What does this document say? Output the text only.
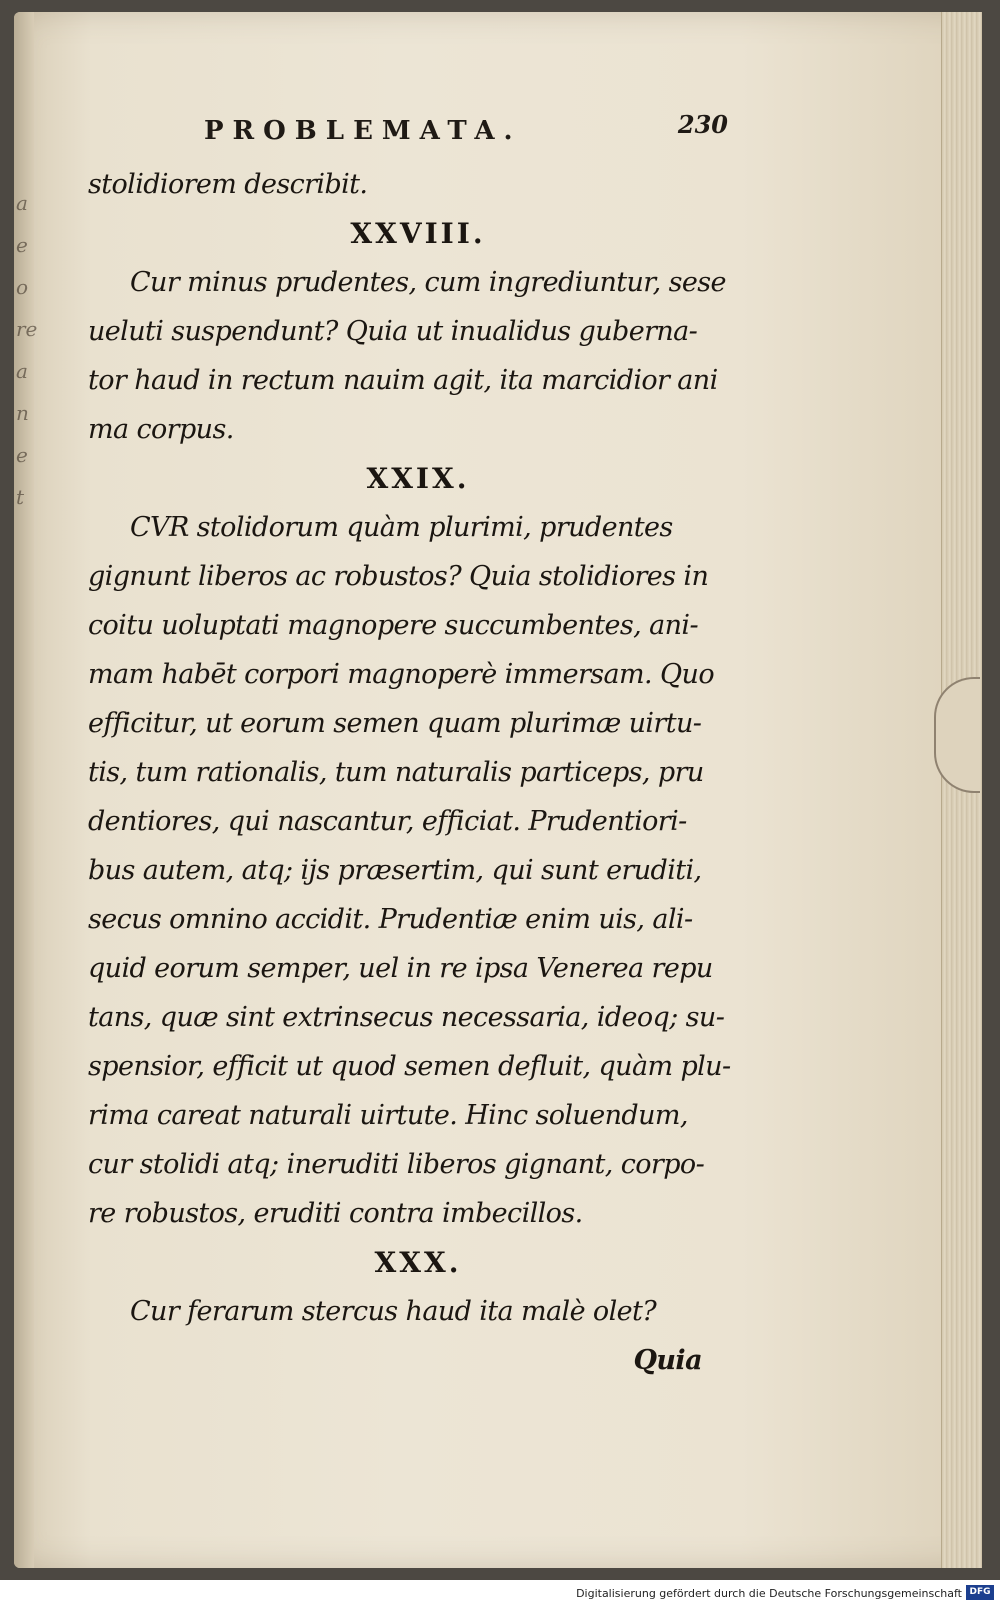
a
e
o
re
a
n
e
t
PROBLEMATA.	230
stolidiorem describit.
XXVIII.
Cur minus prudentes, cum ingrediuntur, sese
ueluti suspendunt? Quia ut inualidus guberna-
tor haud in rectum nauim agit, ita marcidior ani
ma corpus.
XXIX.
CVR stolidorum quàm plurimi, prudentes
gignunt liberos ac robustos? Quia stolidiores in
coitu uoluptati magnopere succumbentes, ani-
mam habēt corpori magnoperè immersam. Quo
efficitur, ut eorum semen quam plurimæ uirtu-
tis, tum rationalis, tum naturalis particeps, pru
dentiores, qui nascantur, efficiat. Prudentiori-
bus autem, atq; ijs præsertim, qui sunt eruditi,
secus omnino accidit. Prudentiæ enim uis, ali-
quid eorum semper, uel in re ipsa Venerea repu
tans, quæ sint extrinsecus necessaria, ideoq; su-
spensior, efficit ut quod semen defluit, quàm plu-
rima careat naturali uirtute. Hinc soluendum,
cur stolidi atq; ineruditi liberos gignant, corpo-
re robustos, eruditi contra imbecillos.
XXX.
Cur ferarum stercus haud ita malè olet?
Quia
Digitalisierung gefördert durch die Deutsche Forschungsgemeinschaft DFG
